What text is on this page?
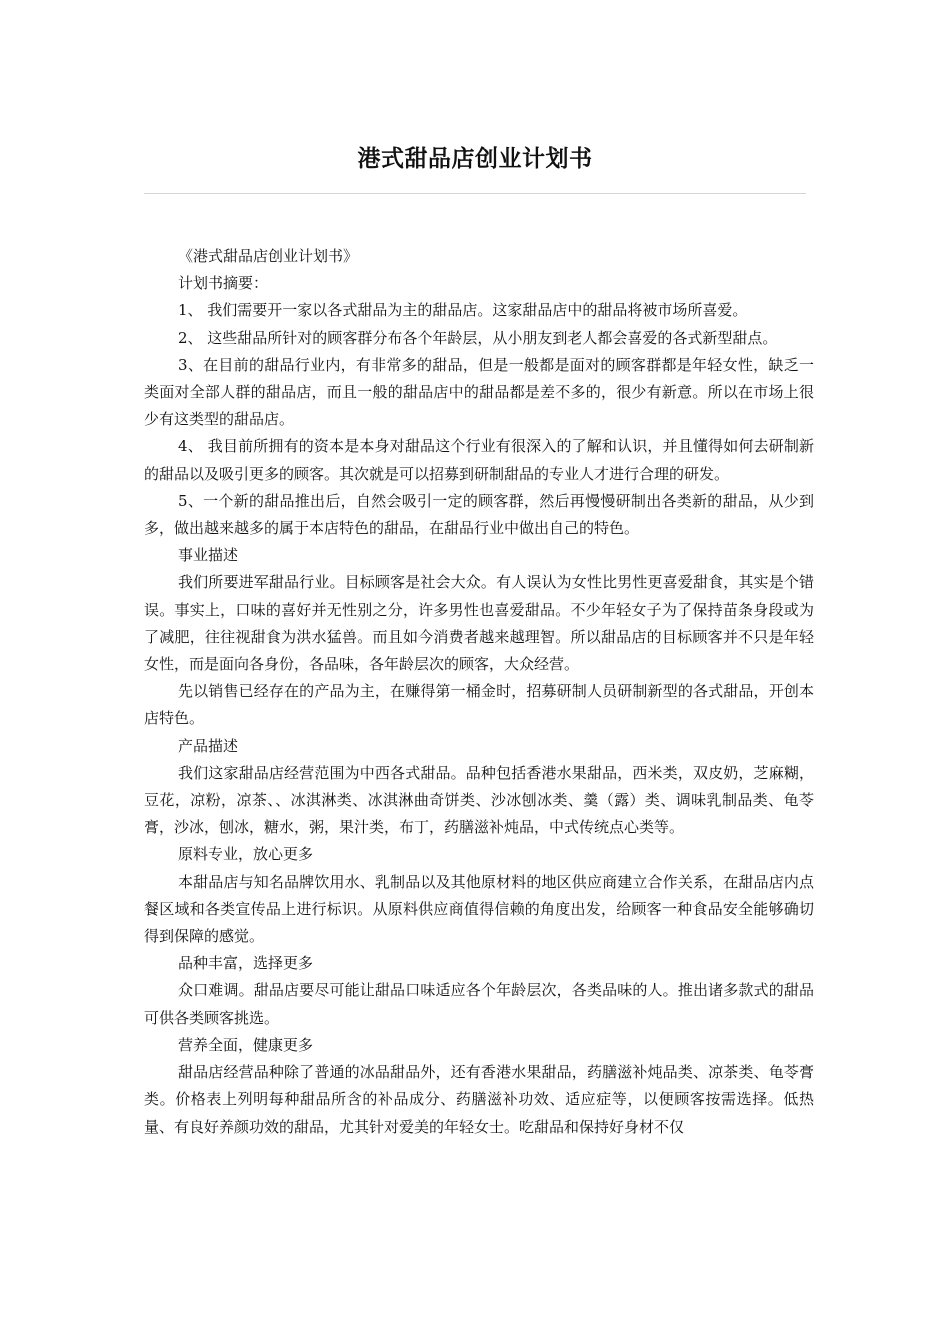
港式甜品店创业计划书

《港式甜品店创业计划书》

计划书摘要：

1、 我们需要开一家以各式甜品为主的甜品店。这家甜品店中的甜品将被市场所喜爱。

2、 这些甜品所针对的顾客群分布各个年龄层，从小朋友到老人都会喜爱的各式新型甜点。

3、在目前的甜品行业内，有非常多的甜品，但是一般都是面对的顾客群都是年轻女性，缺乏一类面对全部人群的甜品店，而且一般的甜品店中的甜品都是差不多的，很少有新意。所以在市场上很少有这类型的甜品店。

4、 我目前所拥有的资本是本身对甜品这个行业有很深入的了解和认识，并且懂得如何去研制新的甜品以及吸引更多的顾客。其次就是可以招募到研制甜品的专业人才进行合理的研发。

5、一个新的甜品推出后，自然会吸引一定的顾客群，然后再慢慢研制出各类新的甜品，从少到多，做出越来越多的属于本店特色的甜品，在甜品行业中做出自己的特色。

事业描述

我们所要进军甜品行业。目标顾客是社会大众。有人误认为女性比男性更喜爱甜食，其实是个错误。事实上，口味的喜好并无性别之分，许多男性也喜爱甜品。不少年轻女子为了保持苗条身段或为了减肥，往往视甜食为洪水猛兽。而且如今消费者越来越理智。所以甜品店的目标顾客并不只是年轻女性，而是面向各身份，各品味，各年龄层次的顾客，大众经营。

先以销售已经存在的产品为主，在赚得第一桶金时，招募研制人员研制新型的各式甜品，开创本店特色。

产品描述

我们这家甜品店经营范围为中西各式甜品。品种包括香港水果甜品，西米类，双皮奶，芝麻糊，豆花，凉粉，凉茶、、冰淇淋类、冰淇淋曲奇饼类、沙冰刨冰类、羹（露）类、调味乳制品类、龟苓膏，沙冰，刨冰，糖水，粥，果汁类，布丁，药膳滋补炖品，中式传统点心类等。

原料专业，放心更多

本甜品店与知名品牌饮用水、乳制品以及其他原材料的地区供应商建立合作关系，在甜品店内点餐区域和各类宣传品上进行标识。从原料供应商值得信赖的角度出发，给顾客一种食品安全能够确切得到保障的感觉。

品种丰富，选择更多

众口难调。甜品店要尽可能让甜品口味适应各个年龄层次，各类品味的人。推出诸多款式的甜品可供各类顾客挑选。

营养全面，健康更多

甜品店经营品种除了普通的冰品甜品外，还有香港水果甜品，药膳滋补炖品类、凉茶类、龟苓膏类。价格表上列明每种甜品所含的补品成分、药膳滋补功效、适应症等，以便顾客按需选择。低热量、有良好养颜功效的甜品，尤其针对爱美的年轻女士。吃甜品和保持好身材不仅
